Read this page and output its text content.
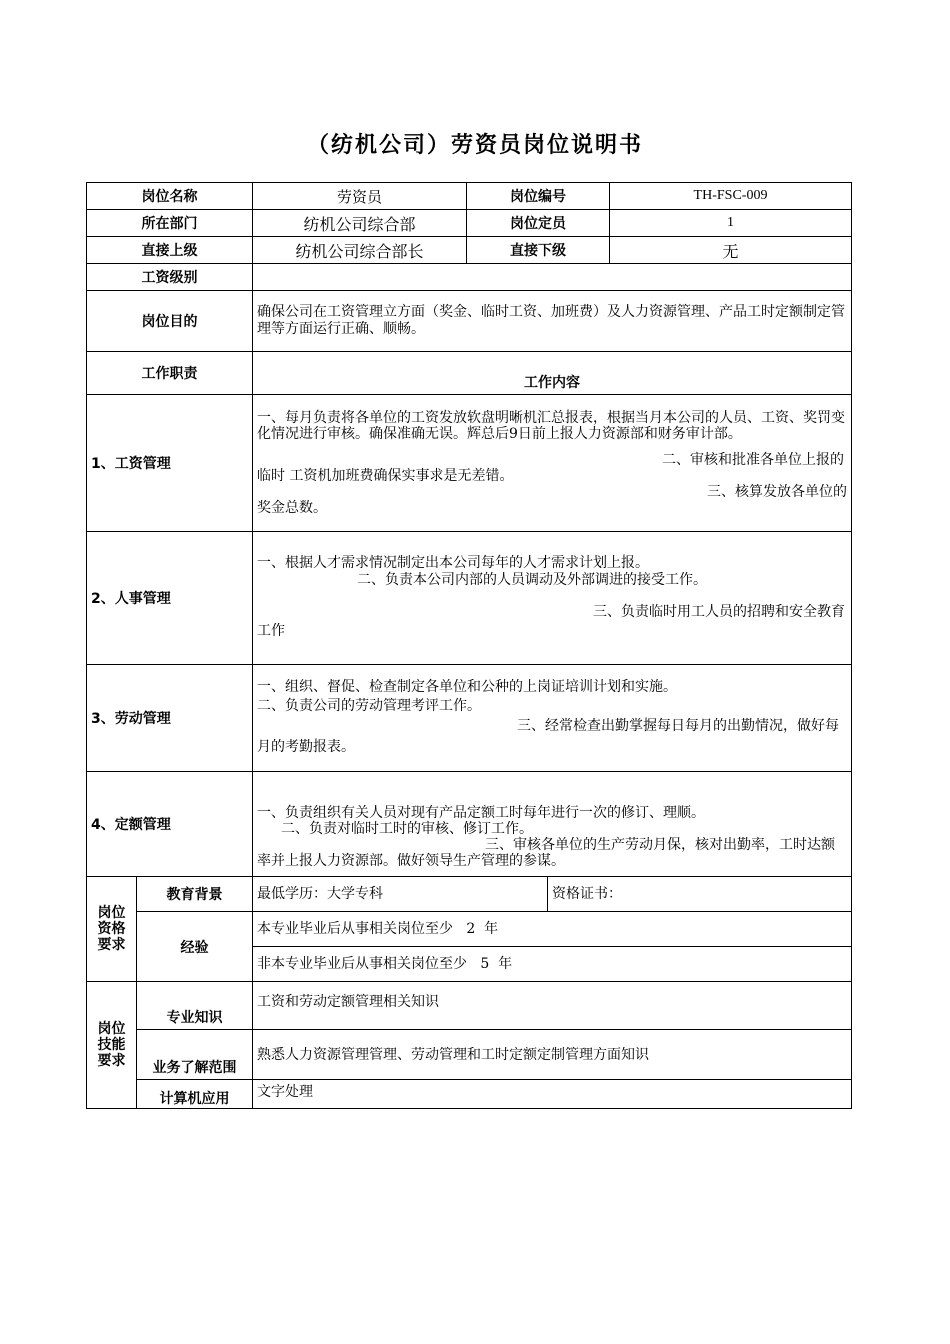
（纺机公司）劳资员岗位说明书
岗位名称		劳资员	岗位编号		TH-FSC-009
所在部门		纺机公司综合部	岗位定员		1
直接上级		纺机公司综合部长	直接下级		无
工资级别					
岗位目的		确保公司在工资管理立方面（奖金、临时工资、加班费）及人力资源管理、产品工时定额制定管理等方面运行正确、顺畅。			
工作职责		工作内容			
1、工资管理		一、每月负责将各单位的工资发放软盘明晰机汇总报表，根据当月本公司的人员、工资、奖罚变化情况进行审核。确保准确无误。辉总后9日前上报人力资源部和财务审计部。
二、审核和批准各单位上报的临时 工资机加班费确保实事求是无差错。
三、核算发放各单位的奖金总数。			

2、人事管理		一、根据人才需求情况制定出本公司每年的人才需求计划上报。
二、负责本公司内部的人员调动及外部调进的接受工作。
三、负责临时用工人员的招聘和安全教育工作			

3、劳动管理		一、组织、督促、检查制定各单位和公种的上岗证培训计划和实施。
二、负责公司的劳动管理考评工作。
三、经常检查出勤掌握每日每月的出勤情况，做好每月的考勤报表。			

4、定额管理		一、负责组织有关人员对现有产品定额工时每年进行一次的修订、理顺。
二、负责对临时工时的审核、修订工作。
三、审核各单位的生产劳动月保，核对出勤率，工时达额率并上报人力资源部。做好领导生产管理的参谋。			

岗位资格要求	教育背景	最低学历：大学专科		资格证书：	
	经验	本专业毕业后从事相关岗位至少   2  年			
		非本专业毕业后从事相关岗位至少   5  年			

岗位技能要求	专业知识	工资和劳动定额管理相关知识			
	业务了解范围	熟悉人力资源管理管理、劳动管理和工时定额定制管理方面知识			
	计算机应用	文字处理			
